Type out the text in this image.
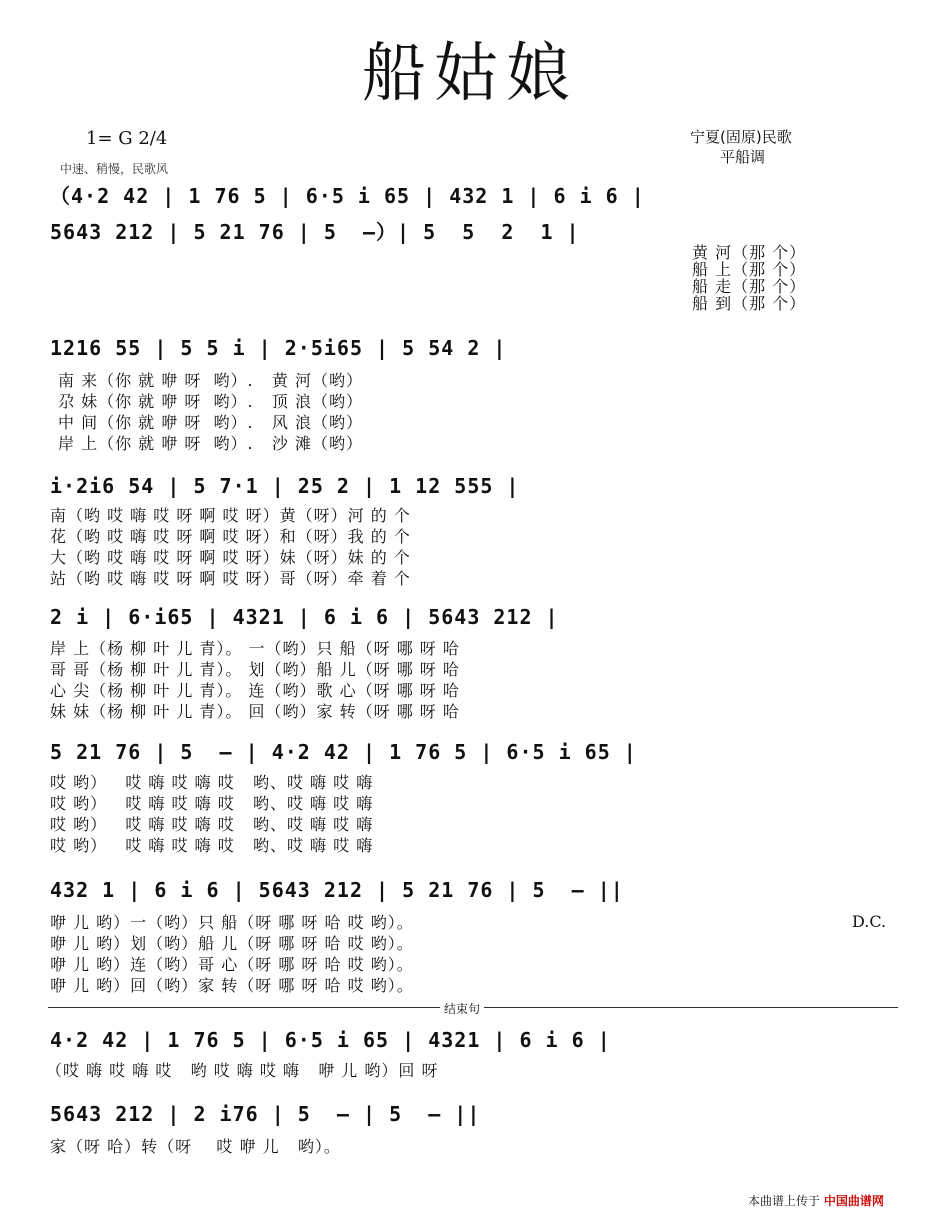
船姑娘
1= G 2/4
中速、稍慢，民歌风
宁夏(固原)民歌
平船调
（4·2 42 | 1 76 5 | 6·5 i 65 | 432 1 | 6 i 6 |
5643 212 | 5 21 76 | 5  —）| 5  5  2  1 |
黄 河（那 个）
船 上（那 个）
船 走（那 个）
船 到（那 个）
1216 55 | 5 5 i | 2·5i65 | 5 54 2 |
南 来（你 就 咿 呀  哟）.   黄 河（哟）
尕 妹（你 就 咿 呀  哟）.   顶 浪（哟）
中 间（你 就 咿 呀  哟）.   风 浪（哟）
岸 上（你 就 咿 呀  哟）.   沙 滩（哟）
i·2i6 54 | 5 7·1 | 25 2 | 1 12 555 |
南（哟 哎 嗨 哎 呀 啊 哎 呀）黄（呀）河 的 个
花（哟 哎 嗨 哎 呀 啊 哎 呀）和（呀）我 的 个
大（哟 哎 嗨 哎 呀 啊 哎 呀）妹（呀）妹 的 个
站（哟 哎 嗨 哎 呀 啊 哎 呀）哥（呀）牵 着 个
2 i | 6·i65 | 4321 | 6 i 6 | 5643 212 |
岸 上（杨 柳 叶 儿 青）。 一（哟）只 船（呀 哪 呀 哈
哥 哥（杨 柳 叶 儿 青）。 划（哟）船 儿（呀 哪 呀 哈
心 尖（杨 柳 叶 儿 青）。 连（哟）歌 心（呀 哪 呀 哈
妹 妹（杨 柳 叶 儿 青）。 回（哟）家 转（呀 哪 呀 哈
5 21 76 | 5  — | 4·2 42 | 1 76 5 | 6·5 i 65 |
哎 哟）   哎 嗨 哎 嗨 哎   哟、哎 嗨 哎 嗨
哎 哟）   哎 嗨 哎 嗨 哎   哟、哎 嗨 哎 嗨
哎 哟）   哎 嗨 哎 嗨 哎   哟、哎 嗨 哎 嗨
哎 哟）   哎 嗨 哎 嗨 哎   哟、哎 嗨 哎 嗨
432 1 | 6 i 6 | 5643 212 | 5 21 76 | 5  — ||
咿 儿 哟）一（哟）只 船（呀 哪 呀 哈 哎 哟）。
咿 儿 哟）划（哟）船 儿（呀 哪 呀 哈 哎 哟）。
咿 儿 哟）连（哟）哥 心（呀 哪 呀 哈 哎 哟）。
咿 儿 哟）回（哟）家 转（呀 哪 呀 哈 哎 哟）。
D.C.
结束句
4·2 42 | 1 76 5 | 6·5 i 65 | 4321 | 6 i 6 |
（哎 嗨 哎 嗨 哎   哟 哎 嗨 哎 嗨   咿 儿 哟）回 呀
5643 212 | 2 i76 | 5  — | 5  — ||
家（呀 哈）转（呀    哎 咿 儿   哟）。
本曲谱上传于 中国曲谱网
